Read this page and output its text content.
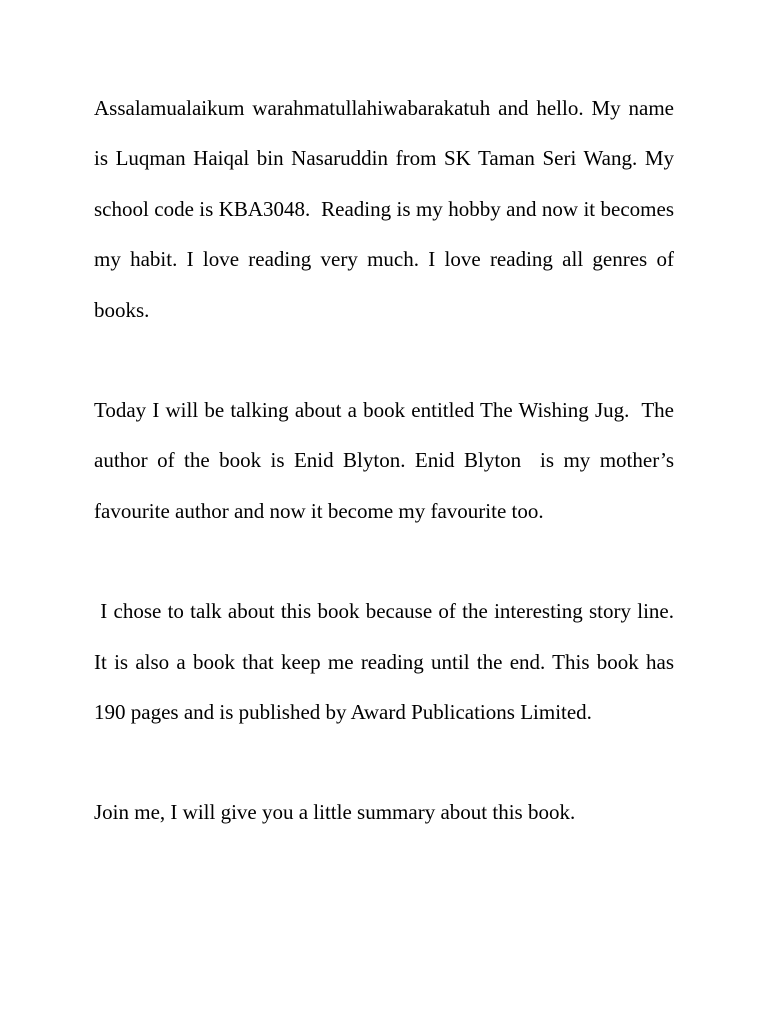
Assalamualaikum warahmatullahiwabarakatuh and hello. My name is Luqman Haiqal bin Nasaruddin from SK Taman Seri Wang. My school code is KBA3048.  Reading is my hobby and now it becomes my habit. I love reading very much. I love reading all genres of books.

Today I will be talking about a book entitled The Wishing Jug.  The author of the book is Enid Blyton. Enid Blyton  is my mother’s favourite author and now it become my favourite too.

I chose to talk about this book because of the interesting story line. It is also a book that keep me reading until the end. This book has 190 pages and is published by Award Publications Limited.

Join me, I will give you a little summary about this book.
